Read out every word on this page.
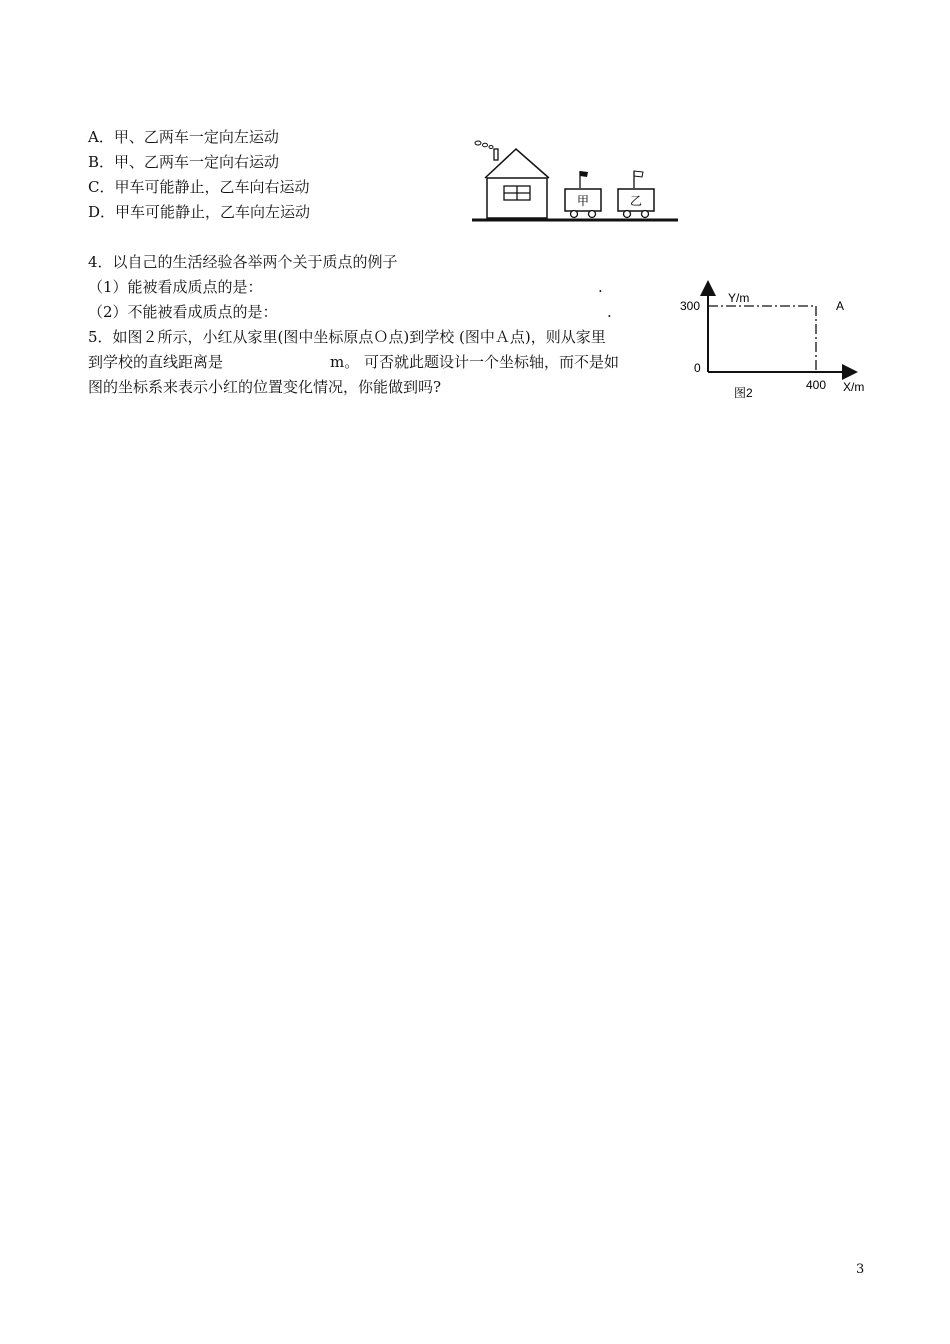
A．甲、乙两车一定向左运动
B．甲、乙两车一定向右运动
C．甲车可能静止，乙车向右运动
D．甲车可能静止，乙车向左运动
甲	乙
4．以自己的生活经验各举两个关于质点的例子
（1）能被看成质点的是：	.
（2）不能被看成质点的是：	.
5．如图２所示，小红从家里(图中坐标原点Ｏ点)到学校 (图中Ａ点)，则从家里
到学校的直线距离是	m。 可否就此题设计一个坐标轴，而不是如
图的坐标系来表示小红的位置变化情况，你能做到吗?
Y/m
300	A
0
400 X/m
图2
3
